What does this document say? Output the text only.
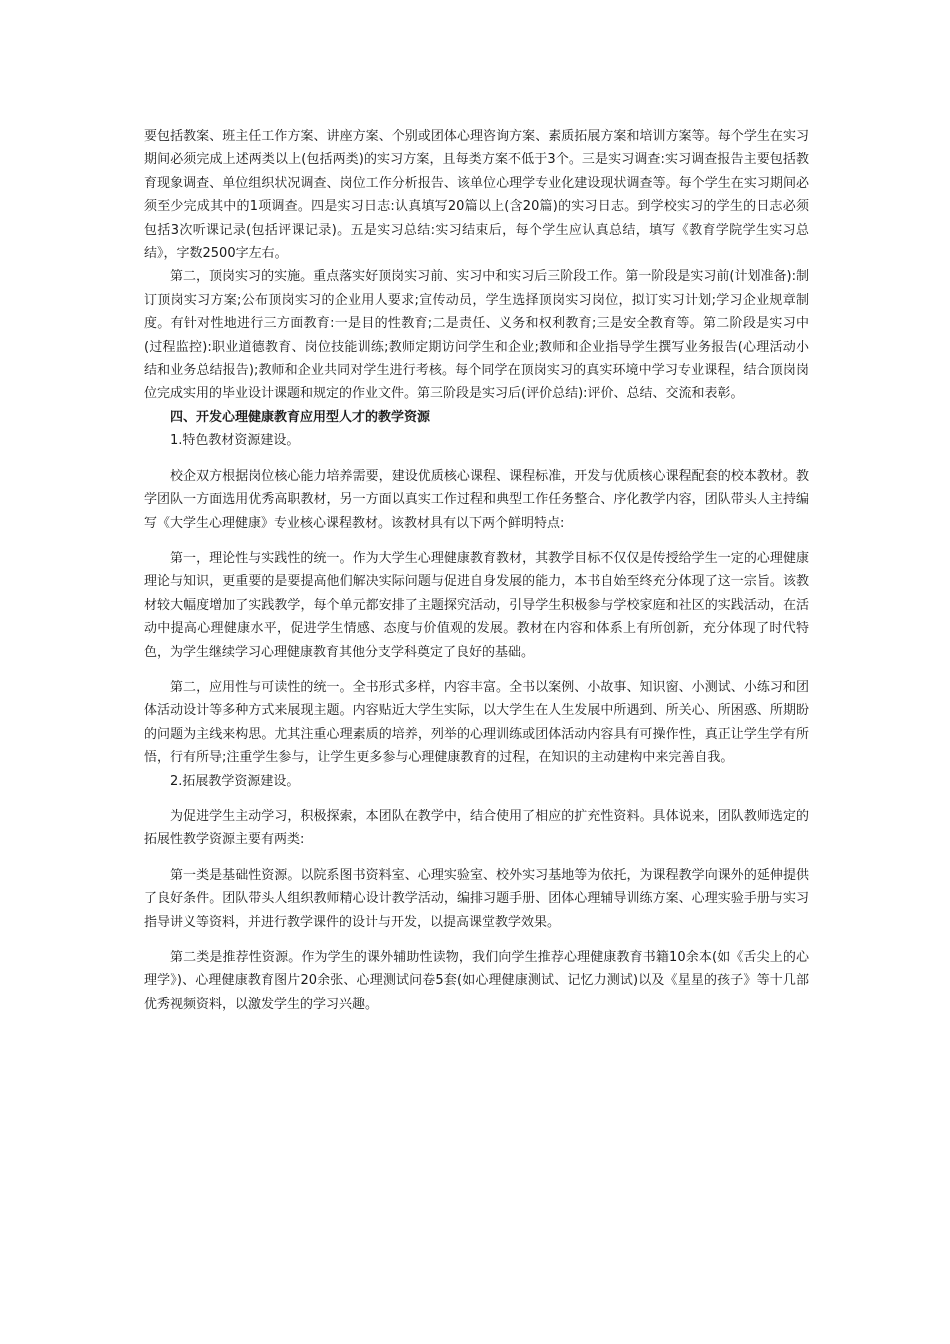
要包括教案、班主任工作方案、讲座方案、个别或团体心理咨询方案、素质拓展方案和培训方案等。每个学生在实习期间必须完成上述两类以上(包括两类)的实习方案，且每类方案不低于3个。三是实习调查:实习调查报告主要包括教育现象调查、单位组织状况调查、岗位工作分析报告、该单位心理学专业化建设现状调查等。每个学生在实习期间必须至少完成其中的1项调查。四是实习日志:认真填写20篇以上(含20篇)的实习日志。到学校实习的学生的日志必须包括3次听课记录(包括评课记录)。五是实习总结:实习结束后，每个学生应认真总结，填写《教育学院学生实习总结》，字数2500字左右。

第二，顶岗实习的实施。重点落实好顶岗实习前、实习中和实习后三阶段工作。第一阶段是实习前(计划准备):制订顶岗实习方案;公布顶岗实习的企业用人要求;宣传动员，学生选择顶岗实习岗位，拟订实习计划;学习企业规章制度。有针对性地进行三方面教育:一是目的性教育;二是责任、义务和权利教育;三是安全教育等。第二阶段是实习中(过程监控):职业道德教育、岗位技能训练;教师定期访问学生和企业;教师和企业指导学生撰写业务报告(心理活动小结和业务总结报告);教师和企业共同对学生进行考核。每个同学在顶岗实习的真实环境中学习专业课程，结合顶岗岗位完成实用的毕业设计课题和规定的作业文件。第三阶段是实习后(评价总结):评价、总结、交流和表彰。

四、开发心理健康教育应用型人才的教学资源

1.特色教材资源建设。

校企双方根据岗位核心能力培养需要，建设优质核心课程、课程标准，开发与优质核心课程配套的校本教材。教学团队一方面选用优秀高职教材，另一方面以真实工作过程和典型工作任务整合、序化教学内容，团队带头人主持编写《大学生心理健康》专业核心课程教材。该教材具有以下两个鲜明特点:

第一，理论性与实践性的统一。作为大学生心理健康教育教材，其教学目标不仅仅是传授给学生一定的心理健康理论与知识，更重要的是要提高他们解决实际问题与促进自身发展的能力，本书自始至终充分体现了这一宗旨。该教材较大幅度增加了实践教学，每个单元都安排了主题探究活动，引导学生积极参与学校家庭和社区的实践活动，在活动中提高心理健康水平，促进学生情感、态度与价值观的发展。教材在内容和体系上有所创新，充分体现了时代特色，为学生继续学习心理健康教育其他分支学科奠定了良好的基础。

第二，应用性与可读性的统一。全书形式多样，内容丰富。全书以案例、小故事、知识窗、小测试、小练习和团体活动设计等多种方式来展现主题。内容贴近大学生实际，以大学生在人生发展中所遇到、所关心、所困惑、所期盼的问题为主线来构思。尤其注重心理素质的培养，列举的心理训练或团体活动内容具有可操作性，真正让学生学有所悟，行有所导;注重学生参与，让学生更多参与心理健康教育的过程，在知识的主动建构中来完善自我。

2.拓展教学资源建设。

为促进学生主动学习，积极探索，本团队在教学中，结合使用了相应的扩充性资料。具体说来，团队教师选定的拓展性教学资源主要有两类:

第一类是基础性资源。以院系图书资料室、心理实验室、校外实习基地等为依托，为课程教学向课外的延伸提供了良好条件。团队带头人组织教师精心设计教学活动，编排习题手册、团体心理辅导训练方案、心理实验手册与实习指导讲义等资料，并进行教学课件的设计与开发，以提高课堂教学效果。

第二类是推荐性资源。作为学生的课外辅助性读物，我们向学生推荐心理健康教育书籍10余本(如《舌尖上的心理学》)、心理健康教育图片20余张、心理测试问卷5套(如心理健康测试、记忆力测试)以及《星星的孩子》等十几部优秀视频资料，以激发学生的学习兴趣。
